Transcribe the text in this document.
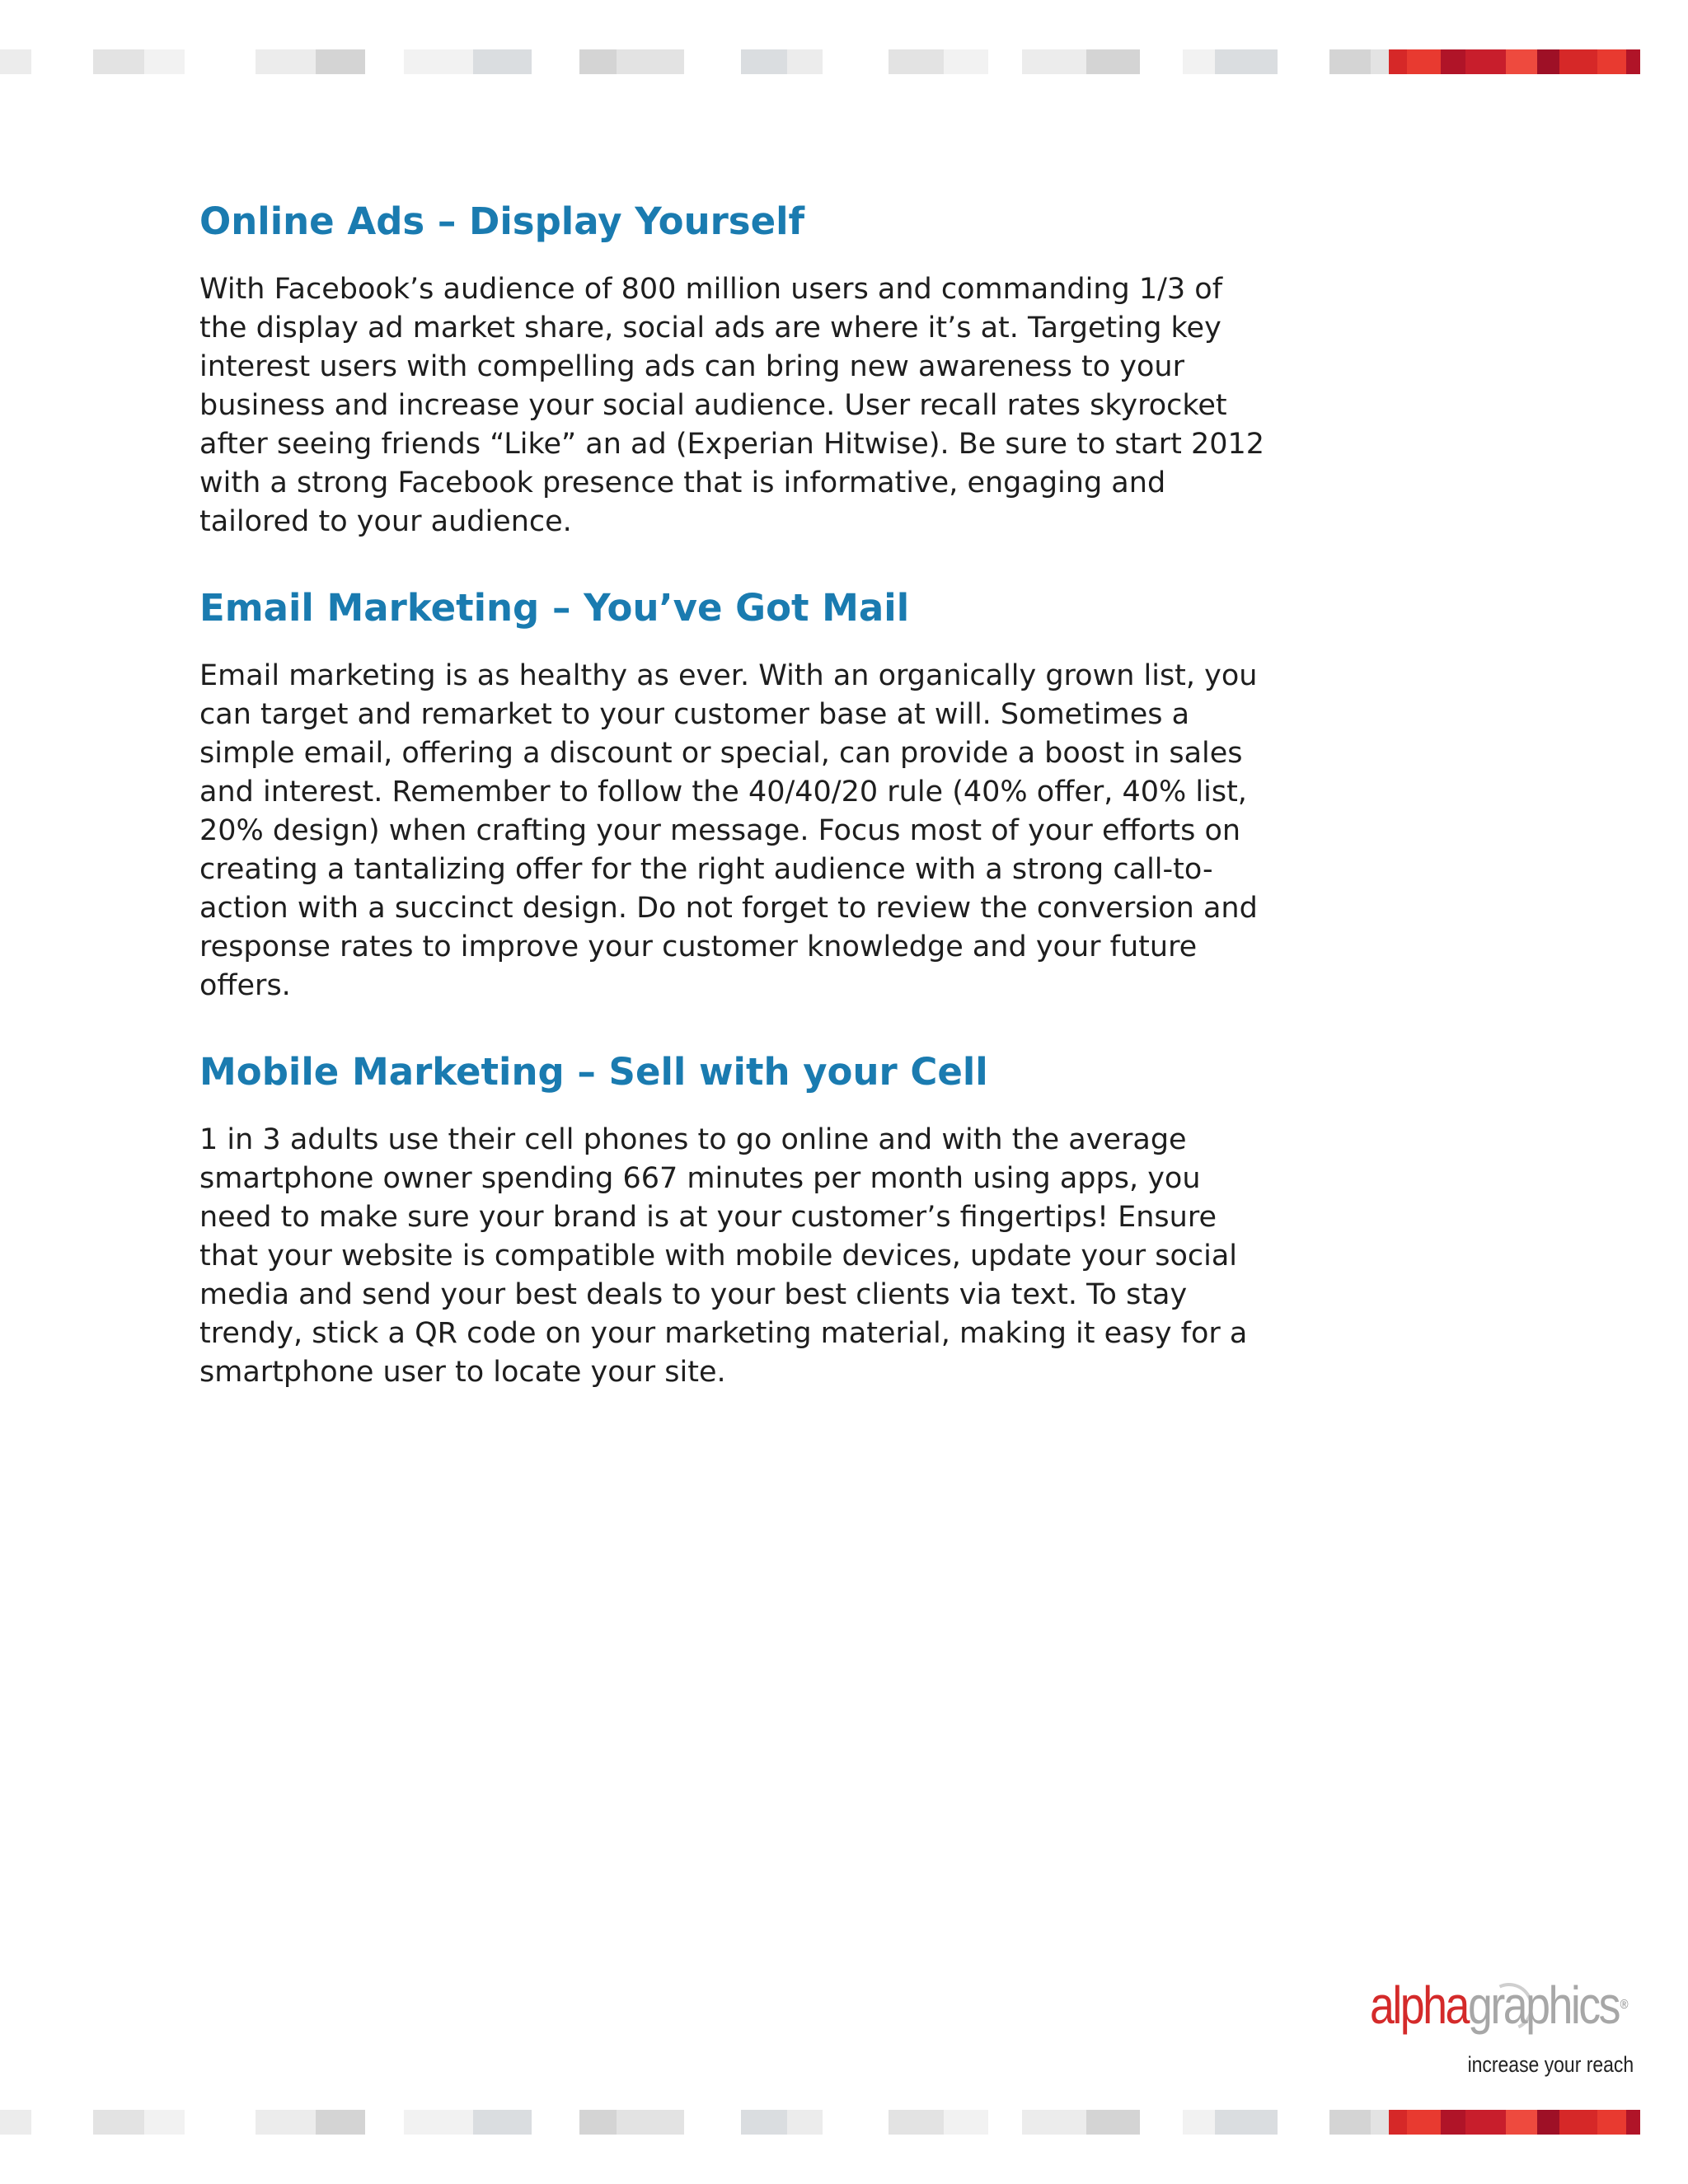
Online Ads – Display Yourself

With Facebook’s audience of 800 million users and commanding 1/3 of the display ad market share, social ads are where it’s at. Targeting key interest users with compelling ads can bring new awareness to your business and increase your social audience. User recall rates skyrocket after seeing friends “Like” an ad (Experian Hitwise). Be sure to start 2012 with a strong Facebook presence that is informative, engaging and tailored to your audience.

Email Marketing – You’ve Got Mail

Email marketing is as healthy as ever. With an organically grown list, you can target and remarket to your customer base at will. Sometimes a simple email, offering a discount or special, can provide a boost in sales and interest. Remember to follow the 40/40/20 rule (40% offer, 40% list, 20% design) when crafting your message. Focus most of your efforts on creating a tantalizing offer for the right audience with a strong call-to-action with a succinct design. Do not forget to review the conversion and response rates to improve your customer knowledge and your future offers.

Mobile Marketing – Sell with your Cell

1 in 3 adults use their cell phones to go online and with the average smartphone owner spending 667 minutes per month using apps, you need to make sure your brand is at your customer’s fingertips! Ensure that your website is compatible with mobile devices, update your social media and send your best deals to your best clients via text. To stay trendy, stick a QR code on your marketing material, making it easy for a smartphone user to locate your site.

alphagraphics ®
increase your reach
